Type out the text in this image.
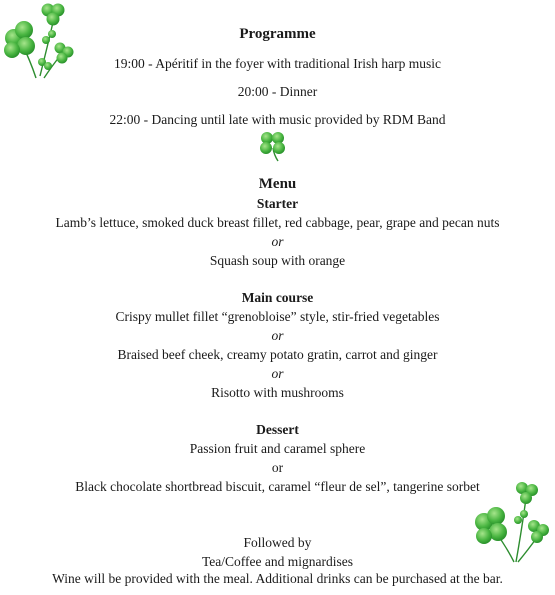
Programme
19:00 - Apéritif in the foyer with traditional Irish harp music
20:00 - Dinner
22:00 - Dancing until late with music provided by RDM Band
Menu
Starter
Lamb’s lettuce, smoked duck breast fillet, red cabbage, pear, grape and pecan nuts
or
Squash soup with orange
Main course
Crispy mullet fillet “grenobloise” style, stir-fried vegetables
or
Braised beef cheek, creamy potato gratin, carrot and ginger
or
Risotto with mushrooms
Dessert
Passion fruit and caramel sphere
or
Black chocolate shortbread biscuit, caramel “fleur de sel”, tangerine sorbet
Followed by
Tea/Coffee and mignardises
Wine will be provided with the meal. Additional drinks can be purchased at the bar.
